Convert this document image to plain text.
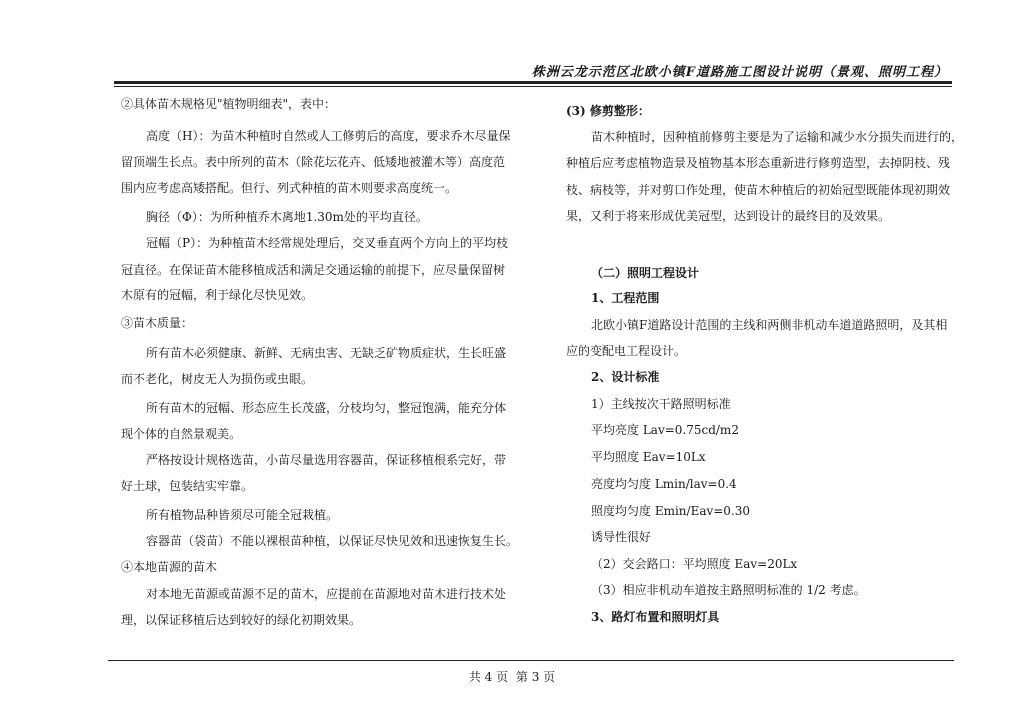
株洲云龙示范区北欧小镇F道路施工图设计说明（景观、照明工程）
②具体苗木规格见"植物明细表"，表中：
高度（H）：为苗木种植时自然或人工修剪后的高度，要求乔木尽量保
留顶端生长点。表中所列的苗木（除花坛花卉、低矮地被灌木等）高度范
围内应考虑高矮搭配。但行、列式种植的苗木则要求高度统一。
胸径（Φ）：为所种植乔木离地1.30m处的平均直径。
冠幅（P）：为种植苗木经常规处理后，交叉垂直两个方向上的平均枝
冠直径。在保证苗木能移植成活和满足交通运输的前提下，应尽量保留树
木原有的冠幅，利于绿化尽快见效。
③苗木质量：
所有苗木必须健康、新鲜、无病虫害、无缺乏矿物质症状，生长旺盛
而不老化，树皮无人为损伤或虫眼。
所有苗木的冠幅、形态应生长茂盛，分枝均匀，整冠饱满，能充分体
现个体的自然景观美。
严格按设计规格选苗，小苗尽量选用容器苗，保证移植根系完好，带
好土球，包装结实牢靠。
所有植物品种皆须尽可能全冠栽植。
容器苗（袋苗）不能以裸根苗种植，以保证尽快见效和迅速恢复生长。
④本地苗源的苗木
对本地无苗源或苗源不足的苗木，应提前在苗源地对苗木进行技术处
理，以保证移植后达到较好的绿化初期效果。
(3) 修剪整形：
苗木种植时，因种植前修剪主要是为了运输和减少水分损失而进行的，
种植后应考虑植物造景及植物基本形态重新进行修剪造型，去掉阴枝、残
枝、病枝等，并对剪口作处理，使苗木种植后的初始冠型既能体现初期效
果，又利于将来形成优美冠型，达到设计的最终目的及效果。
（二）照明工程设计
1、工程范围
北欧小镇F道路设计范围的主线和两侧非机动车道道路照明，及其相
应的变配电工程设计。
2、设计标准
1）主线按次干路照明标准
平均亮度 Lav=0.75cd/m2
平均照度 Eav=10Lx
亮度均匀度 Lmin/lav=0.4
照度均匀度 Emin/Eav=0.30
诱导性很好
（2）交会路口：平均照度 Eav=20Lx
（3）相应非机动车道按主路照明标准的 1/2 考虑。
3、路灯布置和照明灯具
共 4 页 第 3 页
